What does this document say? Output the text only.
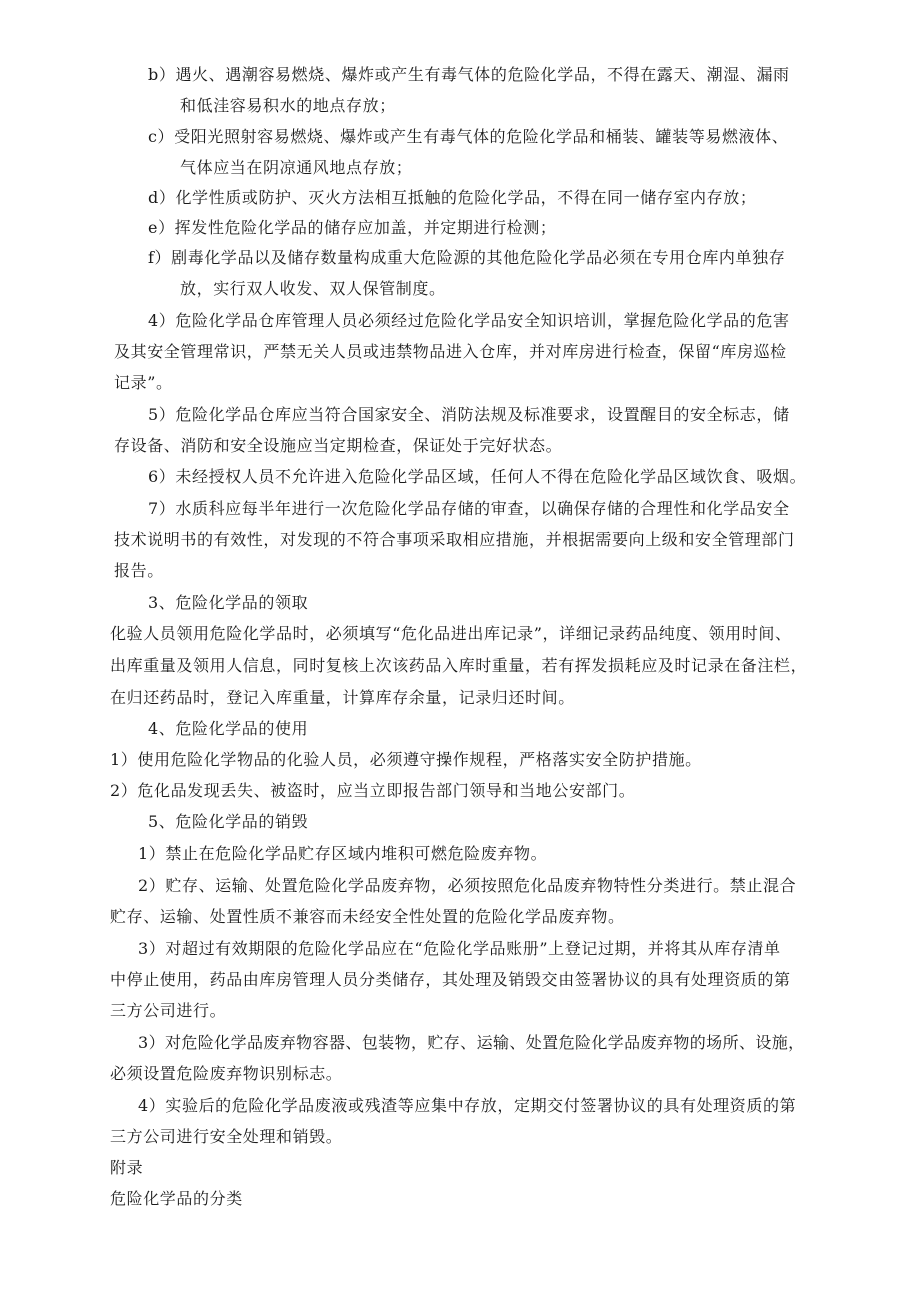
b）遇火、遇潮容易燃烧、爆炸或产生有毒气体的危险化学品，不得在露天、潮湿、漏雨
和低洼容易积水的地点存放；
c）受阳光照射容易燃烧、爆炸或产生有毒气体的危险化学品和桶装、罐装等易燃液体、
气体应当在阴凉通风地点存放；
d）化学性质或防护、灭火方法相互抵触的危险化学品，不得在同一储存室内存放；
e）挥发性危险化学品的储存应加盖，并定期进行检测；
f）剧毒化学品以及储存数量构成重大危险源的其他危险化学品必须在专用仓库内单独存
放，实行双人收发、双人保管制度。
4）危险化学品仓库管理人员必须经过危险化学品安全知识培训，掌握危险化学品的危害
及其安全管理常识，严禁无关人员或违禁物品进入仓库，并对库房进行检查，保留“库房巡检
记录”。
5）危险化学品仓库应当符合国家安全、消防法规及标准要求，设置醒目的安全标志，储
存设备、消防和安全设施应当定期检查，保证处于完好状态。
6）未经授权人员不允许进入危险化学品区域，任何人不得在危险化学品区域饮食、吸烟。
7）水质科应每半年进行一次危险化学品存储的审查，以确保存储的合理性和化学品安全
技术说明书的有效性，对发现的不符合事项采取相应措施，并根据需要向上级和安全管理部门
报告。
3、危险化学品的领取
化验人员领用危险化学品时，必须填写“危化品进出库记录”，详细记录药品纯度、领用时间、
出库重量及领用人信息，同时复核上次该药品入库时重量，若有挥发损耗应及时记录在备注栏，
在归还药品时，登记入库重量，计算库存余量，记录归还时间。
4、危险化学品的使用
1）使用危险化学物品的化验人员，必须遵守操作规程，严格落实安全防护措施。
2）危化品发现丢失、被盗时，应当立即报告部门领导和当地公安部门。
5、危险化学品的销毁
1）禁止在危险化学品贮存区域内堆积可燃危险废弃物。
2）贮存、运输、处置危险化学品废弃物，必须按照危化品废弃物特性分类进行。禁止混合
贮存、运输、处置性质不兼容而未经安全性处置的危险化学品废弃物。
3）对超过有效期限的危险化学品应在“危险化学品账册”上登记过期，并将其从库存清单
中停止使用，药品由库房管理人员分类储存，其处理及销毁交由签署协议的具有处理资质的第
三方公司进行。
3）对危险化学品废弃物容器、包装物，贮存、运输、处置危险化学品废弃物的场所、设施，
必须设置危险废弃物识别标志。
4）实验后的危险化学品废液或残渣等应集中存放，定期交付签署协议的具有处理资质的第
三方公司进行安全处理和销毁。
附录
危险化学品的分类
